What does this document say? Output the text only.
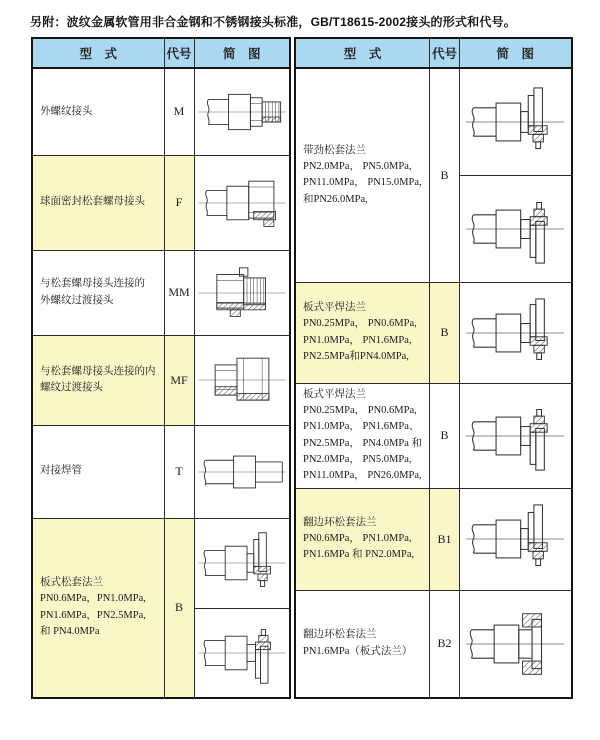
另附：波纹金属软管用非合金钢和不锈钢接头标准，GB/T18615-2002接头的形式和代号。
型　式	代号	简　图

外螺纹接头	M	

球面密封松套螺母接头	F	

与松套螺母接头连接的
外螺纹过渡接头	MM	

与松套螺母接头连接的内
螺纹过渡接头	MF	

对接焊管	T	

板式松套法兰
PN0.6MPa，PN1.0MPa,
PN1.6MPa，PN2.5MPa,
和 PN4.0MPa	B	

型　式	代号	简　图

带劲松套法兰
PN2.0MPa， PN5.0MPa,
PN11.0MPa， PN15.0MPa,
和PN26.0MPa,	B	

板式平焊法兰
PN0.25MPa， PN0.6MPa,
PN1.0MPa， PN1.6MPa,
PN2.5MPa和PN4.0MPa,	B	

板式平焊法兰
PN0.25MPa， PN0.6MPa,
PN1.0MPa， PN1.6MPa、
PN2.5MPa， PN4.0MPa 和
PN2.0MPa， PN5.0MPa,
PN11.0MPa， PN26.0MPa,
	B	

翻边环松套法兰
PN0.6MPa， PN1.0MPa,
PN1.6MPa 和 PN2.0MPa,	B1	

翻边环松套法兰
PN1.6MPa（板式法兰）	B2	
